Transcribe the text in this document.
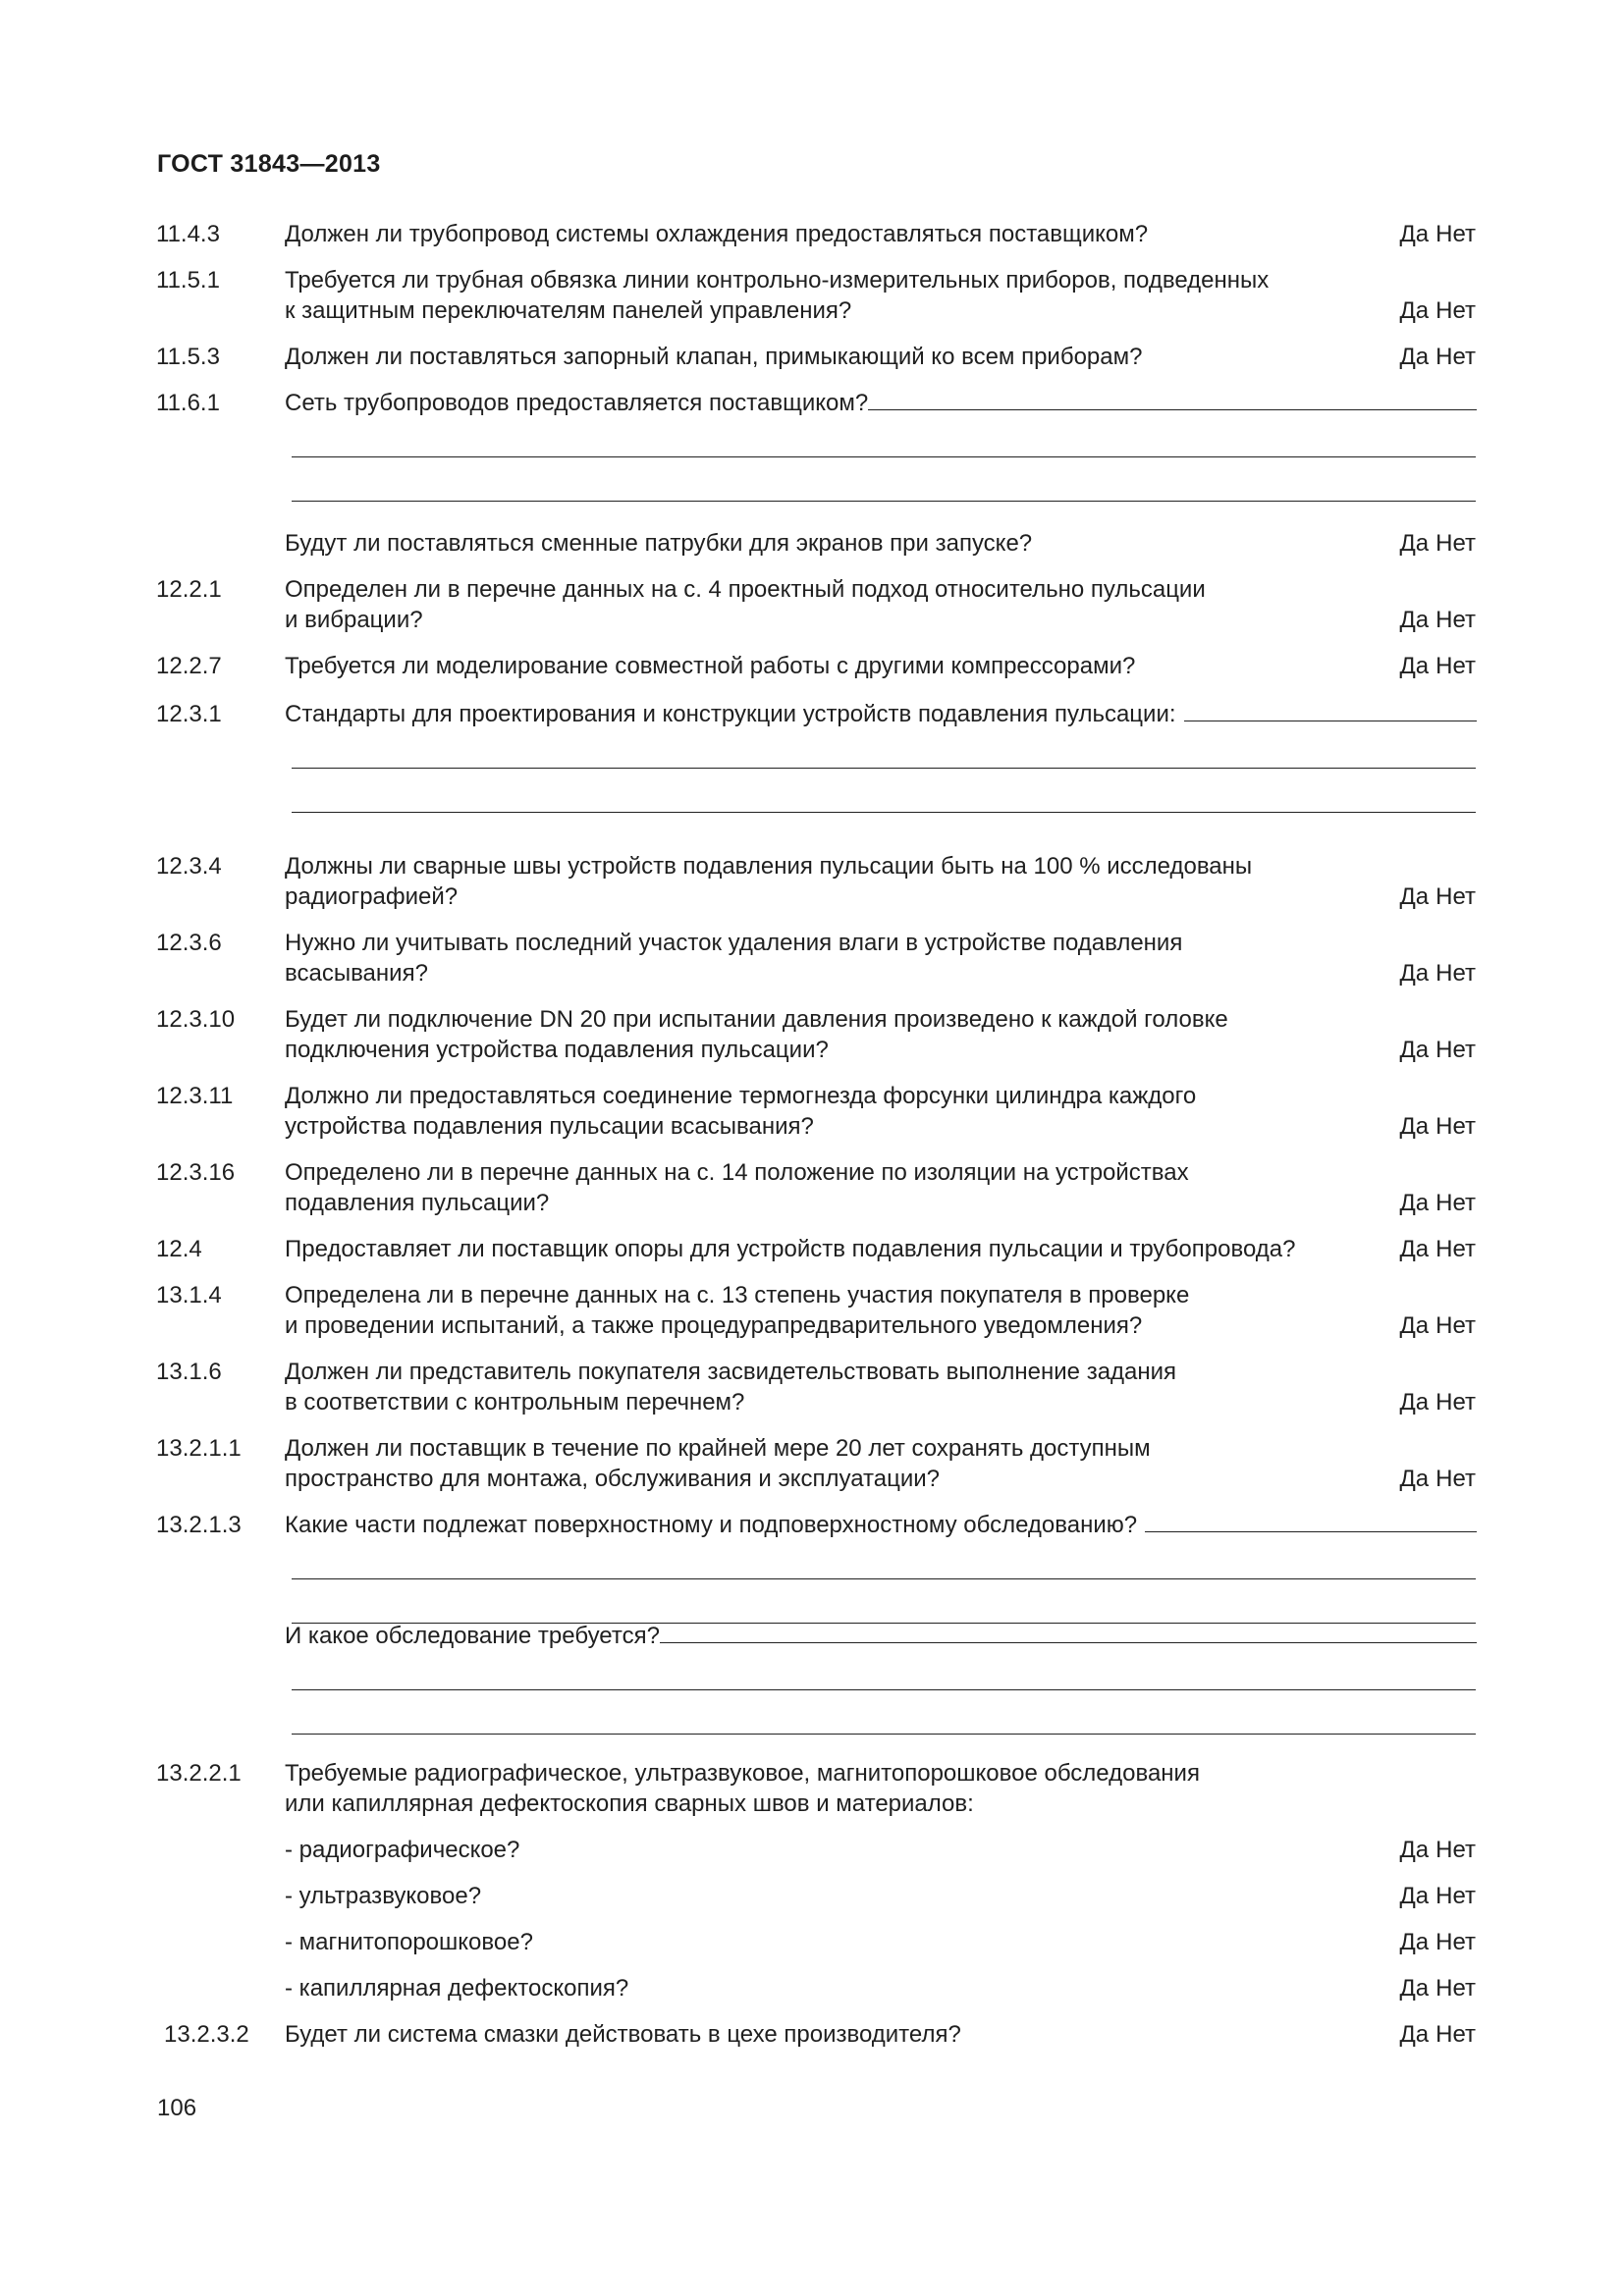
ГОСТ 31843—2013
11.4.3	Должен ли трубопровод системы охлаждения предоставляться поставщиком?	Да Нет
11.5.1	Требуется ли трубная обвязка линии контрольно-измерительных приборов, подведенных
к защитным переключателям панелей управления?	Да Нет
11.5.3	Должен ли поставляться запорный клапан, примыкающий ко всем приборам?	Да Нет
11.6.1	Сеть трубопроводов предоставляется поставщиком?
Будут ли поставляться сменные патрубки для экранов при запуске?	Да Нет
12.2.1	Определен ли в перечне данных на с. 4 проектный подход относительно пульсации
и вибрации?	Да Нет
12.2.7	Требуется ли моделирование совместной работы с другими компрессорами?	Да Нет
12.3.1	Стандарты для проектирования и конструкции устройств подавления пульсации:
12.3.4	Должны ли сварные швы устройств подавления пульсации быть на 100 % исследованы
радиографией?	Да Нет
12.3.6	Нужно ли учитывать последний участок удаления влаги в устройстве подавления
всасывания?	Да Нет
12.3.10 Будет ли подключение DN 20 при испытании давления произведено к каждой головке
подключения устройства подавления пульсации?	Да Нет
12.3.11 Должно ли предоставляться соединение термогнезда форсунки цилиндра каждого
устройства подавления пульсации всасывания?	Да Нет
12.3.16 Определено ли в перечне данных на с. 14 положение по изоляции на устройствах
подавления пульсации?	Да Нет
12.4	Предоставляет ли поставщик опоры для устройств подавления пульсации и трубопровода?	Да Нет
13.1.4	Определена ли в перечне данных на с. 13 степень участия покупателя в проверке
и проведении испытаний, а также процедурапредварительного уведомления?	Да Нет
13.1.6	Должен ли представитель покупателя засвидетельствовать выполнение задания
в соответствии с контрольным перечнем?	Да Нет
13.2.1.1 Должен ли поставщик в течение по крайней мере 20 лет сохранять доступным
пространство для монтажа, обслуживания и эксплуатации?	Да Нет
13.2.1.3 Какие части подлежат поверхностному и подповерхностному обследованию?
И какое обследование требуется?
13.2.2.1 Требуемые радиографическое, ультразвуковое, магнитопорошковое обследования
или капиллярная дефектоскопия сварных швов и материалов:
- радиографическое?	Да Нет
- ультразвуковое?	Да Нет
- магнитопорошковое?	Да Нет
- капиллярная дефектоскопия?	Да Нет
13.2.3.2 Будет ли система смазки действовать в цехе производителя?	Да Нет
106
